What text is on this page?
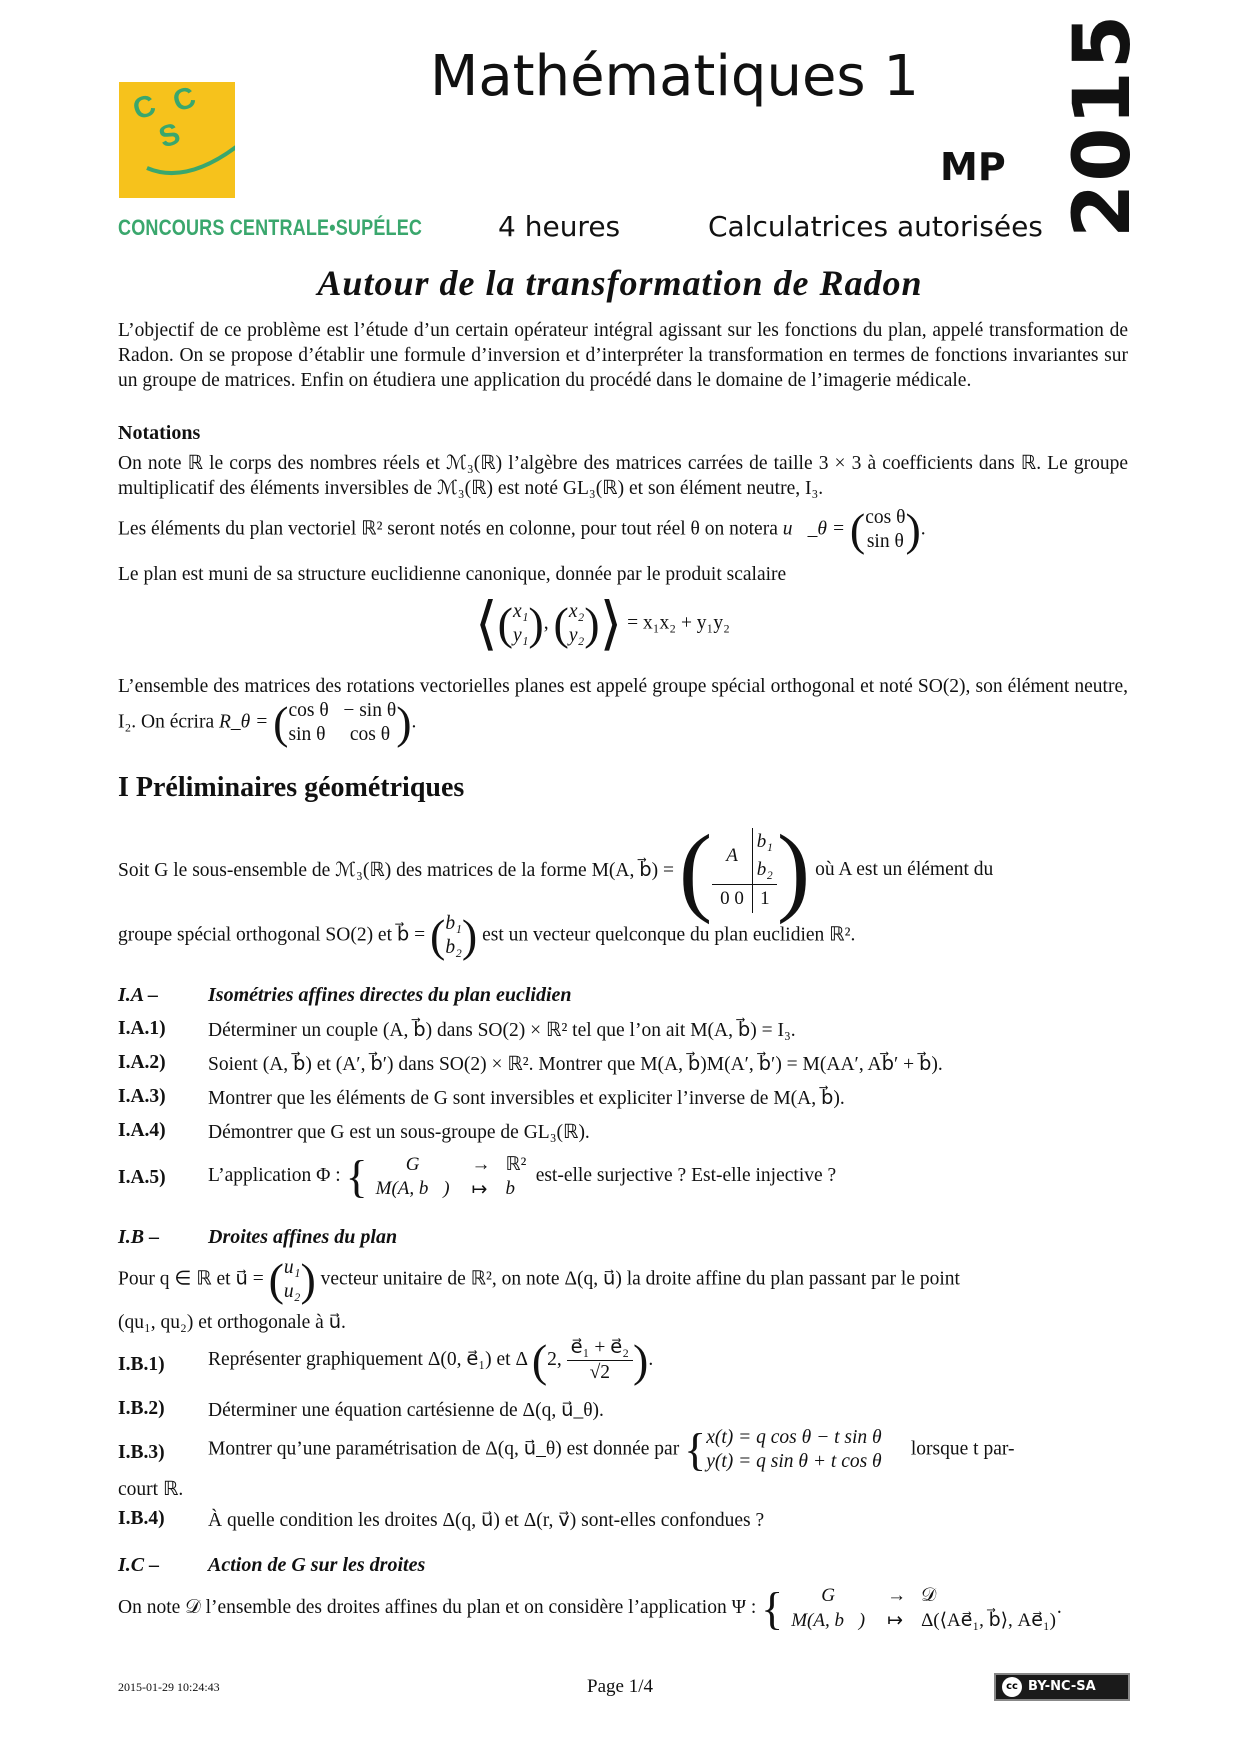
C C
S
CONCOURS CENTRALE•SUPÉLEC
Mathématiques 1
MP 2015
4 heures	Calculatrices autorisées
Autour de la transformation de Radon
L’objectif de ce problème est l’étude d’un certain opérateur intégral agissant sur les fonctions du plan, appelé transformation de Radon. On se propose d’établir une formule d’inversion et d’interpréter la transformation en termes de fonctions invariantes sur un groupe de matrices. Enfin on étudiera une application du procédé dans le domaine de l’imagerie médicale.
Notations
On note ℝ le corps des nombres réels et ℳ₃(ℝ) l’algèbre des matrices carrées de taille 3 × 3 à coefficients dans ℝ. Le groupe multiplicatif des éléments inversibles de ℳ₃(ℝ) est noté GL₃(ℝ) et son élément neutre, I₃.
Les éléments du plan vectoriel ℝ² seront notés en colonne, pour tout réel θ on notera u⃗_θ = (cos θ
sin θ).
Le plan est muni de sa structure euclidienne canonique, donnée par le produit scalaire
⟨(x₁
y₁), (x₂
y₂)⟩ = x₁x₂ + y₁y₂
L’ensemble des matrices des rotations vectorielles planes est appelé groupe spécial orthogonal et noté SO(2), son élément neutre, I₂. On écrira R_θ = (cos θ − sin θ
sin θ cos θ ).
I Préliminaires géométriques
Soit G le sous-ensemble de ℳ₃(ℝ) des matrices de la forme M(A, b⃗) = ( A	b₁
	b₂
0 0	1 ) où A est un élément du
groupe spécial orthogonal SO(2) et b⃗ = (b₁
b₂) est un vecteur quelconque du plan euclidien ℝ².
I.A – Isométries affines directes du plan euclidien
I.A.1) Déterminer un couple (A, b⃗) dans SO(2) × ℝ² tel que l’on ait M(A, b⃗) = I₃.
I.A.2) Soient (A, b⃗) et (A′, b⃗′) dans SO(2) × ℝ². Montrer que M(A, b⃗)M(A′, b⃗′) = M(AA′, Ab⃗′ + b⃗).
I.A.3) Montrer que les éléments de G sont inversibles et expliciter l’inverse de M(A, b⃗).
I.A.4) Démontrer que G est un sous-groupe de GL₃(ℝ).
I.A.5) L’application Φ : { G	→	ℝ²
M(A, b⃗)	↦	b⃗ est-elle surjective ? Est-elle injective ?
I.B – Droites affines du plan
Pour q ∈ ℝ et u⃗ = (u₁
u₂) vecteur unitaire de ℝ², on note Δ(q, u⃗) la droite affine du plan passant par le point
(qu₁, qu₂) et orthogonale à u⃗.
I.B.1) Représenter graphiquement Δ(0, e⃗₁) et Δ (2, $\frac{\text{e⃗₁ + e⃗₂}}{√2}$ ).
I.B.2) Déterminer une équation cartésienne de Δ(q, u⃗_θ).
I.B.3) Montrer qu’une paramétrisation de Δ(q, u⃗_θ) est donnée par {x(t) = q cos θ − t sin θ
y(t) = q sin θ + t cos θ      lorsque t par-
court ℝ.
I.B.4) À quelle condition les droites Δ(q, u⃗) et Δ(r, v⃗) sont-elles confondues ?
I.C – Action de G sur les droites
On note 𝒟 l’ensemble des droites affines du plan et on considère l’application Ψ : { G	→	𝒟
M(A, b⃗)	↦	Δ(⟨Ae⃗₁, b⃗⟩, Ae⃗₁).
2015-01-29 10:24:43	Page 1/4	cc BY-NC-SA
